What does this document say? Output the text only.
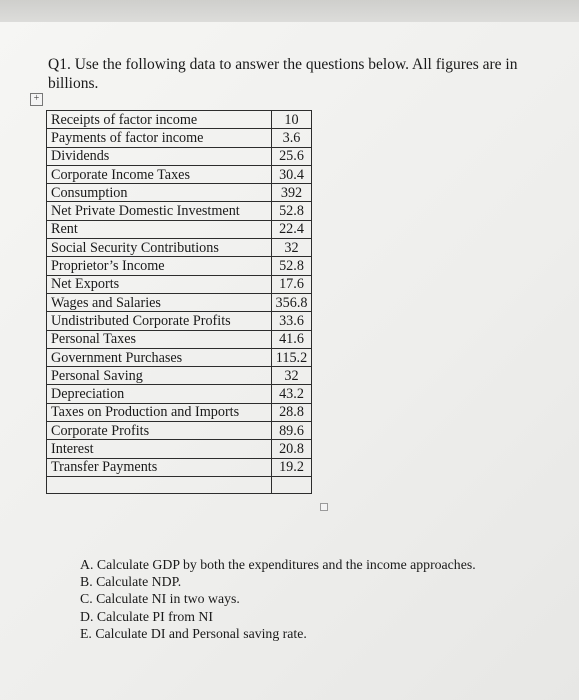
Q1. Use the following data to answer the questions below. All figures are in billions.
+
Receipts of factor income	10
Payments of factor income	3.6
Dividends	25.6
Corporate Income Taxes	30.4
Consumption	392
Net Private Domestic Investment	52.8
Rent	22.4
Social Security Contributions	32
Proprietor’s Income	52.8
Net Exports	17.6
Wages and Salaries	356.8
Undistributed Corporate Profits	33.6
Personal Taxes	41.6
Government Purchases	115.2
Personal Saving	32
Depreciation	43.2
Taxes on Production and Imports	28.8
Corporate Profits	89.6
Interest	20.8
Transfer Payments	19.2

A. Calculate GDP by both the expenditures and the income approaches.
B. Calculate NDP.
C. Calculate NI in two ways.
D. Calculate PI from NI
E. Calculate DI and Personal saving rate.
